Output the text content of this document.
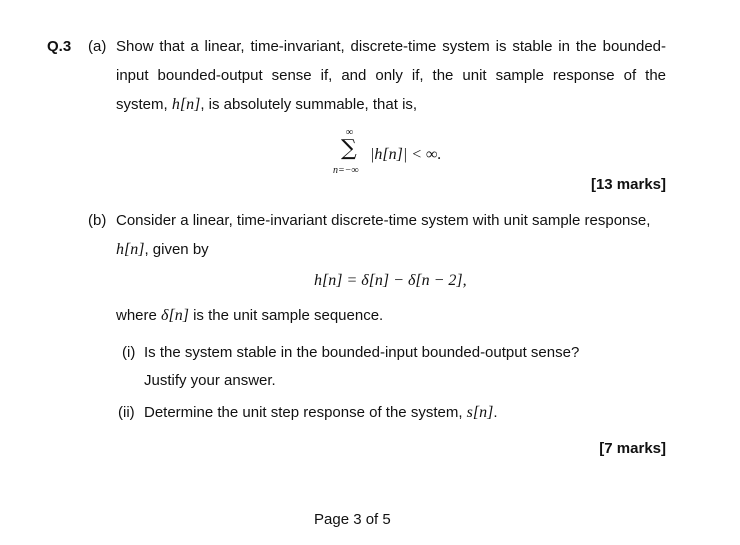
Q.3 (a) Show that a linear, time-invariant, discrete-time system is stable in the bounded-
input bounded-output sense if, and only if, the unit sample response of the
system, h[n], is absolutely summable, that is,
∞
∑
n=−∞
|h[n]| < ∞.
[13 marks]
(b) Consider a linear, time-invariant discrete-time system with unit sample response,
h[n], given by
h[n] = δ[n] − δ[n − 2],
where δ[n] is the unit sample sequence.
(i) Is the system stable in the bounded-input bounded-output sense?
Justify your answer.
(ii) Determine the unit step response of the system, s[n].
[7 marks]
Page 3 of 5
